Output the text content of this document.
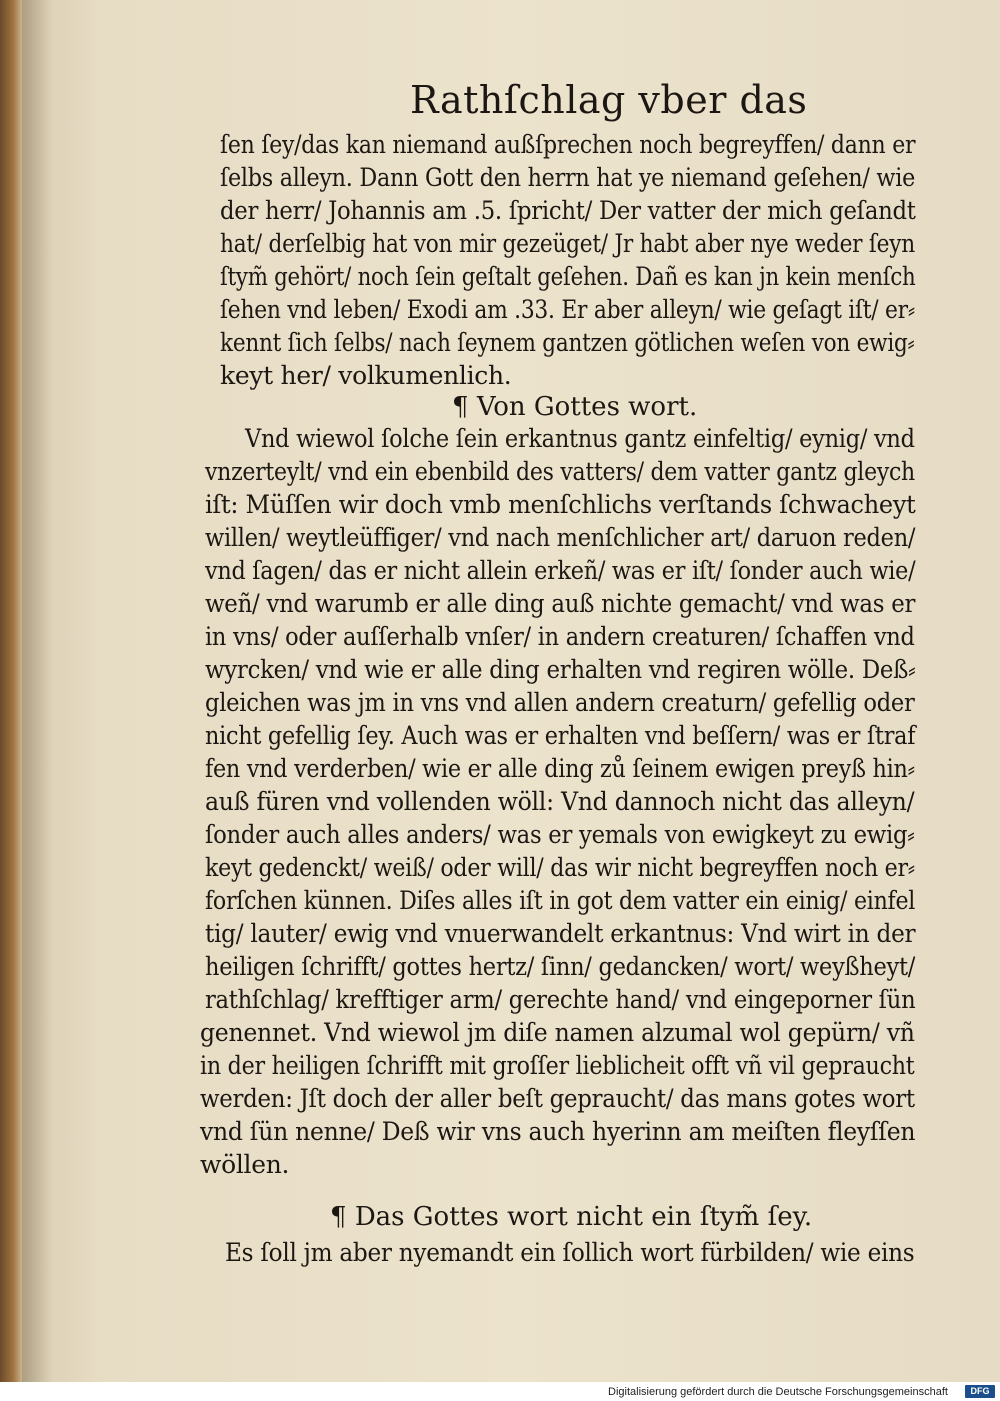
Rathſchlag vber das
ſen ſey/das kan niemand außſprechen noch begreyffen/ dann er
ſelbs alleyn. Dann Gott den herrn hat ye niemand geſehen/ wie
der herr/ Johannis am .5. ſpricht/ Der vatter der mich geſandt
hat/ derſelbig hat von mir gezeüget/ Jr habt aber nye weder ſeyn
ſtym̃ gehört/ noch ſein geſtalt geſehen. Dañ es kan jn kein menſch
ſehen vnd leben/ Exodi am .33. Er aber alleyn/ wie geſagt iſt/ er⸗
kennt ſich ſelbs/ nach ſeynem gantzen götlichen weſen von ewig⸗
keyt her/ volkumenlich.
¶ Von Gottes wort.
Vnd wiewol ſolche ſein erkantnus gantz einfeltig/ eynig/ vnd
vnzerteylt/ vnd ein ebenbild des vatters/ dem vatter gantz gleych
iſt: Müſſen wir doch vmb menſchlichs verſtands ſchwacheyt
willen/ weytleüffiger/ vnd nach menſchlicher art/ daruon reden/
vnd ſagen/ das er nicht allein erkeñ/ was er iſt/ ſonder auch wie/
weñ/ vnd warumb er alle ding auß nichte gemacht/ vnd was er
in vns/ oder auſſerhalb vnſer/ in andern creaturen/ ſchaffen vnd
wyrcken/ vnd wie er alle ding erhalten vnd regiren wölle. Deß⸗
gleichen was jm in vns vnd allen andern creaturn/ gefellig oder
nicht gefellig ſey. Auch was er erhalten vnd beſſern/ was er ſtraf
fen vnd verderben/ wie er alle ding zů ſeinem ewigen preyß hin⸗
auß füren vnd vollenden wöll: Vnd dannoch nicht das alleyn/
ſonder auch alles anders/ was er yemals von ewigkeyt zu ewig⸗
keyt gedenckt/ weiß/ oder will/ das wir nicht begreyffen noch er⸗
forſchen künnen. Diſes alles iſt in got dem vatter ein einig/ einfel
tig/ lauter/ ewig vnd vnuerwandelt erkantnus: Vnd wirt in der
heiligen ſchrifft/ gottes hertz/ ſinn/ gedancken/ wort/ weyßheyt/
rathſchlag/ krefftiger arm/ gerechte hand/ vnd eingeporner ſün
genennet. Vnd wiewol jm diſe namen alzumal wol gepürn/ vñ
in der heiligen ſchrifft mit groſſer lieblicheit offt vñ vil gepraucht
werden: Jſt doch der aller beſt gepraucht/ das mans gotes wort
vnd ſün nenne/ Deß wir vns auch hyerinn am meiſten fleyſſen
wöllen.
¶ Das Gottes wort nicht ein ſtym̃ ſey.
Es ſoll jm aber nyemandt ein ſollich wort fürbilden/ wie eins
Digitalisierung gefördert durch die Deutsche Forschungsgemeinschaft	DFG
